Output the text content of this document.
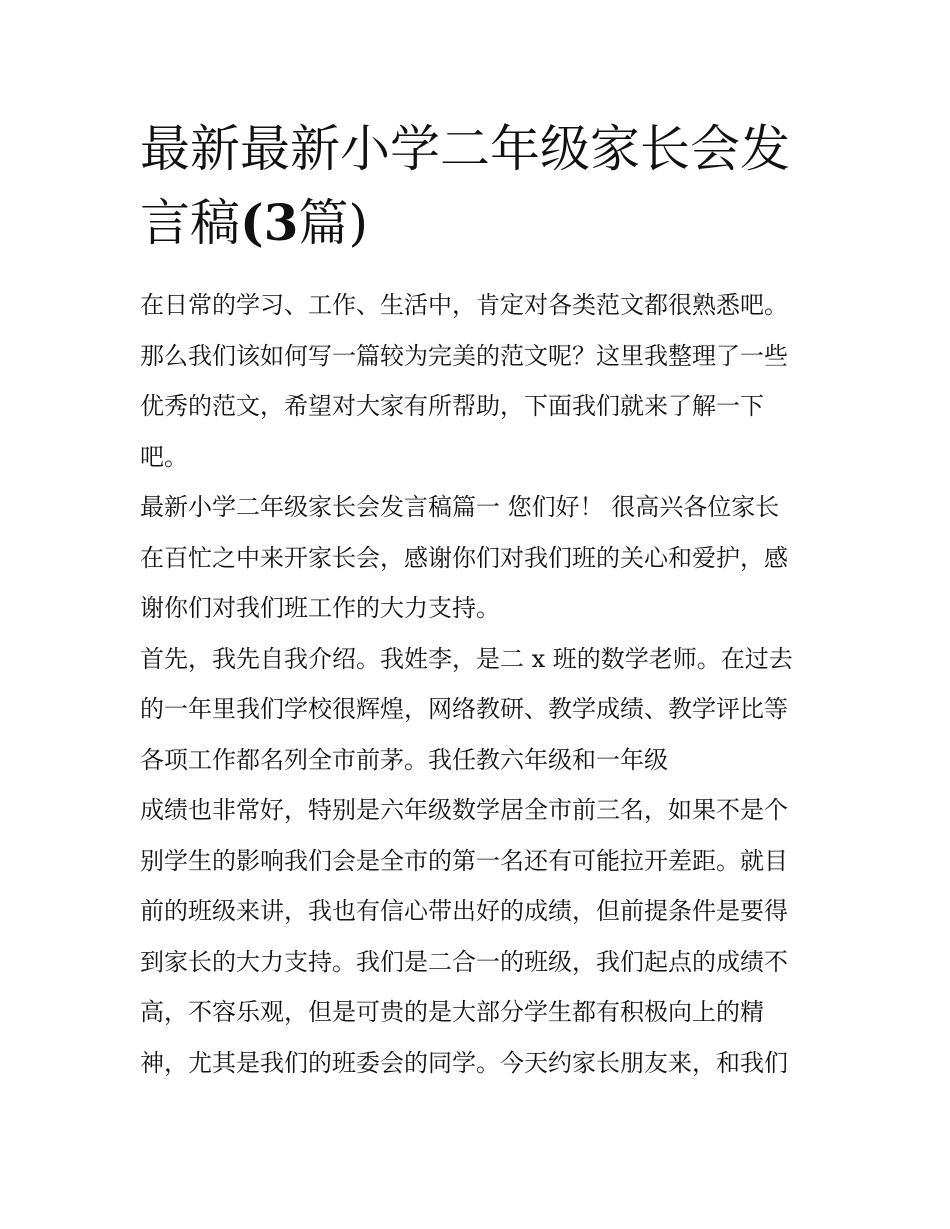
最新最新小学二年级家长会发
言稿(3篇)

在日常的学习、工作、生活中，肯定对各类范文都很熟悉吧。

那么我们该如何写一篇较为完美的范文呢？这里我整理了一些

优秀的范文，希望对大家有所帮助，下面我们就来了解一下

吧。

最新小学二年级家长会发言稿篇一 您们好！ 很高兴各位家长

在百忙之中来开家长会，感谢你们对我们班的关心和爱护，感

谢你们对我们班工作的大力支持。

首先，我先自我介绍。我姓李，是二 x 班的数学老师。在过去

的一年里我们学校很辉煌，网络教研、教学成绩、教学评比等

各项工作都名列全市前茅。我任教六年级和一年级

成绩也非常好，特别是六年级数学居全市前三名，如果不是个

别学生的影响我们会是全市的第一名还有可能拉开差距。就目

前的班级来讲，我也有信心带出好的成绩，但前提条件是要得

到家长的大力支持。我们是二合一的班级，我们起点的成绩不

高，不容乐观，但是可贵的是大部分学生都有积极向上的精

神，尤其是我们的班委会的同学。今天约家长朋友来，和我们
